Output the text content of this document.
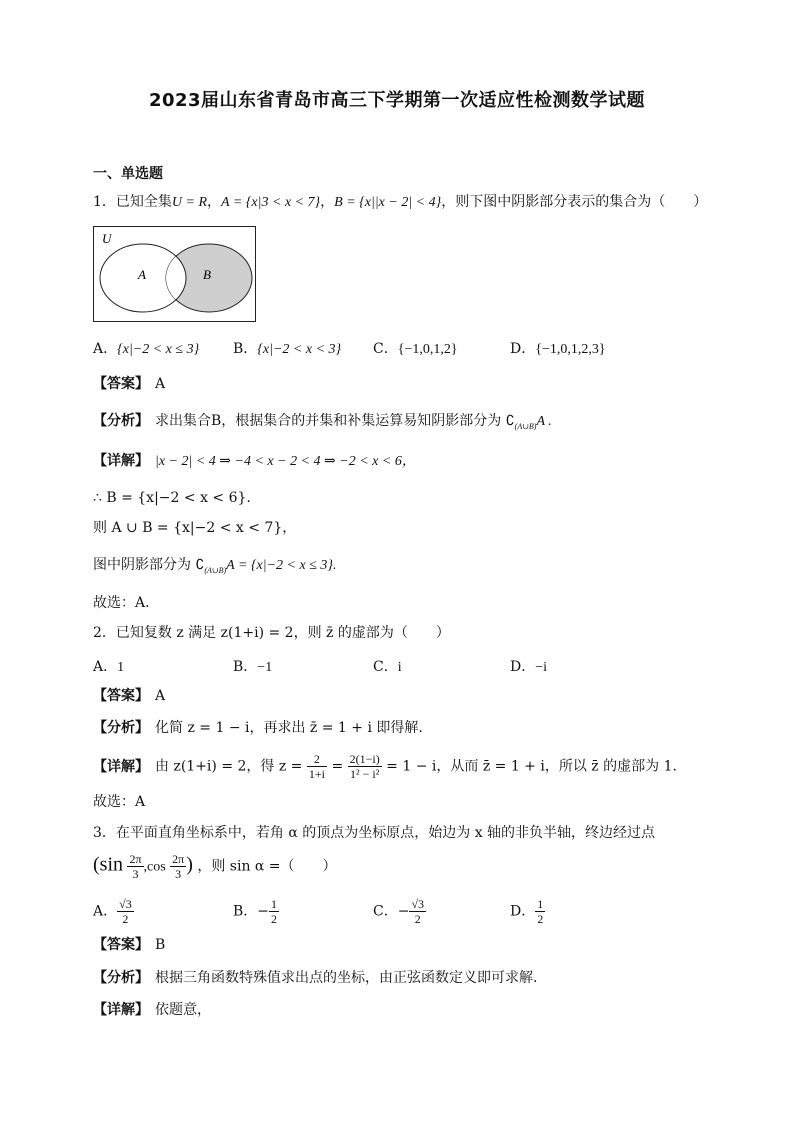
2023届山东省青岛市高三下学期第一次适应性检测数学试题
一、单选题
1．已知全集U = R，A = {x|3 < x < 7}，B = {x||x − 2| < 4}，则下图中阴影部分表示的集合为（　　）
U
A	B
A．{x|−2 < x ≤ 3} B．{x|−2 < x < 3} C．{−1,0,1,2}	D．{−1,0,1,2,3}
【答案】 A
【分析】 求出集合B，根据集合的并集和补集运算易知阴影部分为 $∁_{(A\cup B)}A$ .
【详解】 |x − 2| < 4 ⇒ −4 < x − 2 < 4 ⇒ −2 < x < 6，
∴ B = {x|−2 < x < 6}.
则 A ∪ B = {x|−2 < x < 7}，
图中阴影部分为 $∁_{(A\cup B)}A = \{x|-2 < x \le 3\}$.
故选：A.
2．已知复数 z 满足 z(1+i) = 2，则 z̄ 的虚部为（　　）
A．1	B．−1	C．i	D．−i
【答案】 A
【分析】 化简 z = 1 − i，再求出 z̄ = 1 + i 即得解.
【详解】 由 z(1+i) = 2，得 $z = \frac{2}{1+i} = \frac{2(1-i)}{\text{1² − i²}} = 1 - i$，从而 z̄ = 1 + i，所以 z̄ 的虚部为 1.
故选：A
3．在平面直角坐标系中，若角 α 的顶点为坐标原点，始边为 x 轴的非负半轴，终边经过点
($\sin \frac{2\pi}{3} ,\cos \frac{2\pi}{3}$ ) ，则 sin α =（　　）
A． $\frac{√3}{2}$	B．− $\frac{1}{2}$	C．− $\frac{√3}{2}$	D． $\frac{1}{2}$
【答案】 B
【分析】 根据三角函数特殊值求出点的坐标，由正弦函数定义即可求解.
【详解】 依题意，
